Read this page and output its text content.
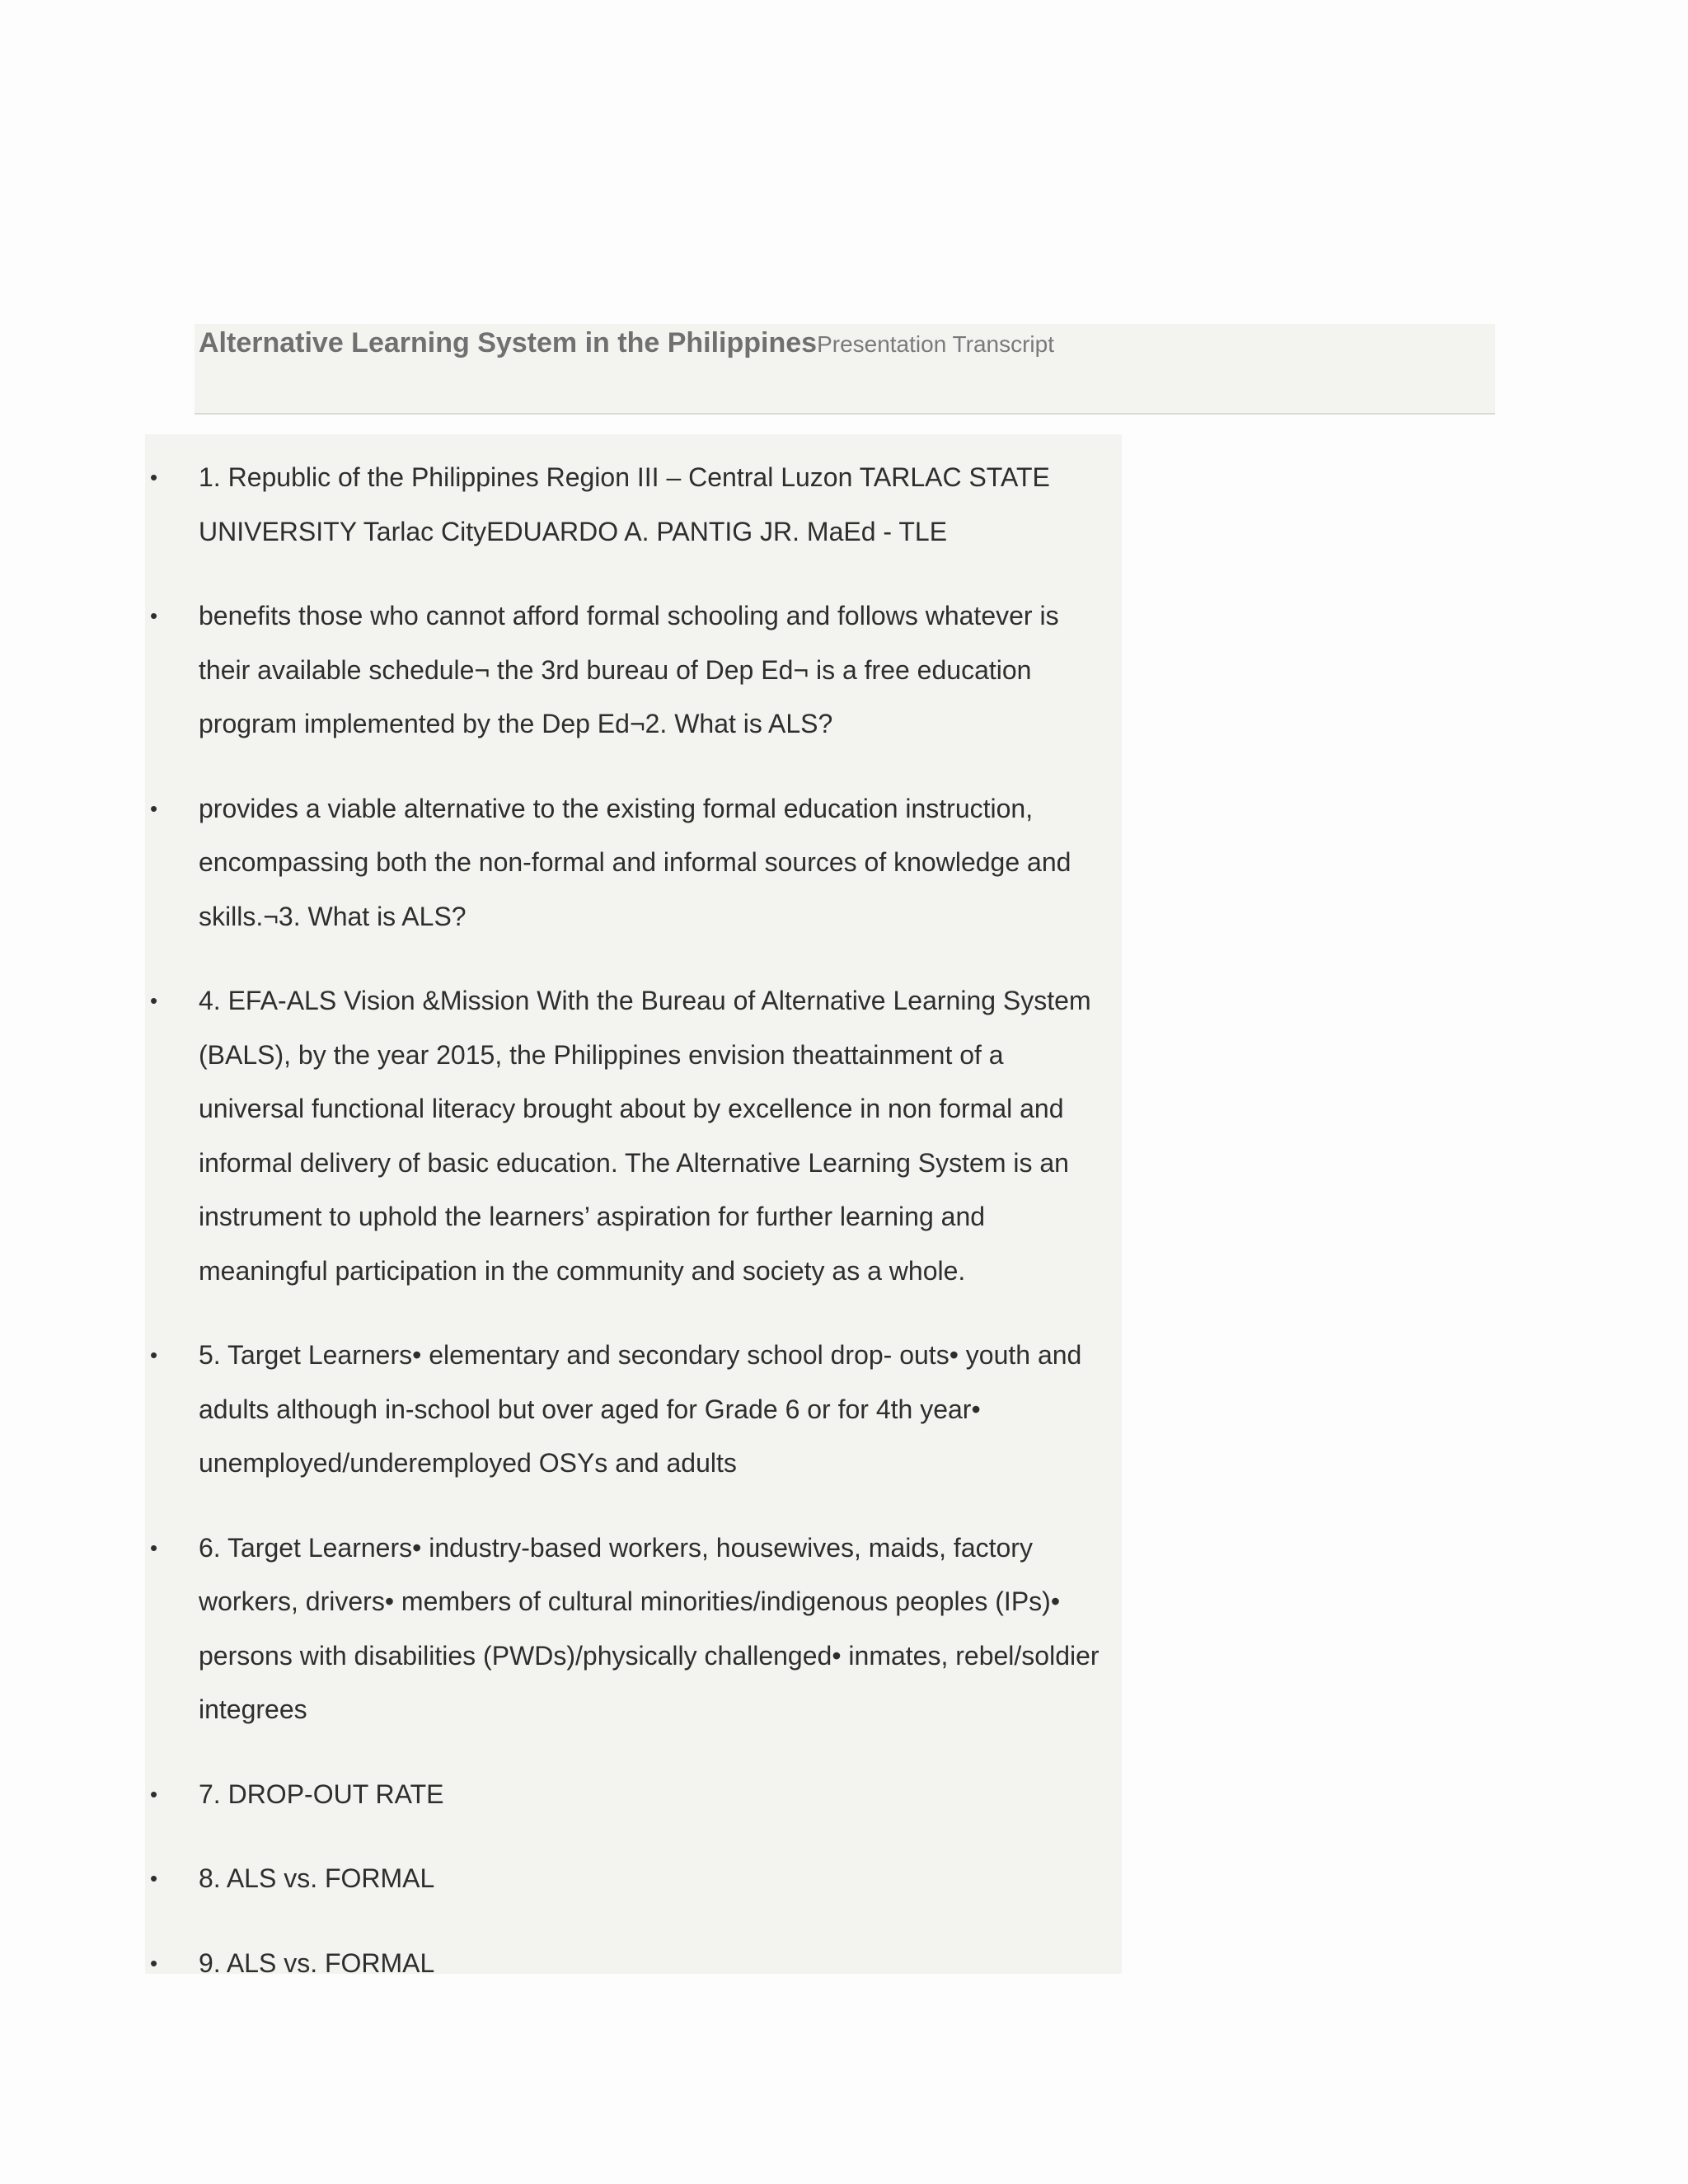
Alternative Learning System in the PhilippinesPresentation Transcript
• 1. Republic of the Philippines Region III – Central Luzon TARLAC STATE UNIVERSITY Tarlac CityEDUARDO A. PANTIG JR. MaEd - TLE
• benefits those who cannot afford formal schooling and follows whatever is their available schedule¬ the 3rd bureau of Dep Ed¬ is a free education program implemented by the Dep Ed¬2. What is ALS?
• provides a viable alternative to the existing formal education instruction, encompassing both the non-formal and informal sources of knowledge and skills.¬3. What is ALS?
• 4. EFA-ALS Vision &Mission With the Bureau of Alternative Learning System (BALS), by the year 2015, the Philippines envision theattainment of a universal functional literacy brought about by excellence in non formal and informal delivery of basic education. The Alternative Learning System is an instrument to uphold the learners’ aspiration for further learning and meaningful participation in the community and society as a whole.
• 5. Target Learners• elementary and secondary school drop- outs• youth and adults although in-school but over aged for Grade 6 or for 4th year• unemployed/underemployed OSYs and adults
• 6. Target Learners• industry-based workers, housewives, maids, factory workers, drivers• members of cultural minorities/indigenous peoples (IPs)• persons with disabilities (PWDs)/physically challenged• inmates, rebel/soldier integrees
• 7. DROP-OUT RATE
• 8. ALS vs. FORMAL
• 9. ALS vs. FORMAL
